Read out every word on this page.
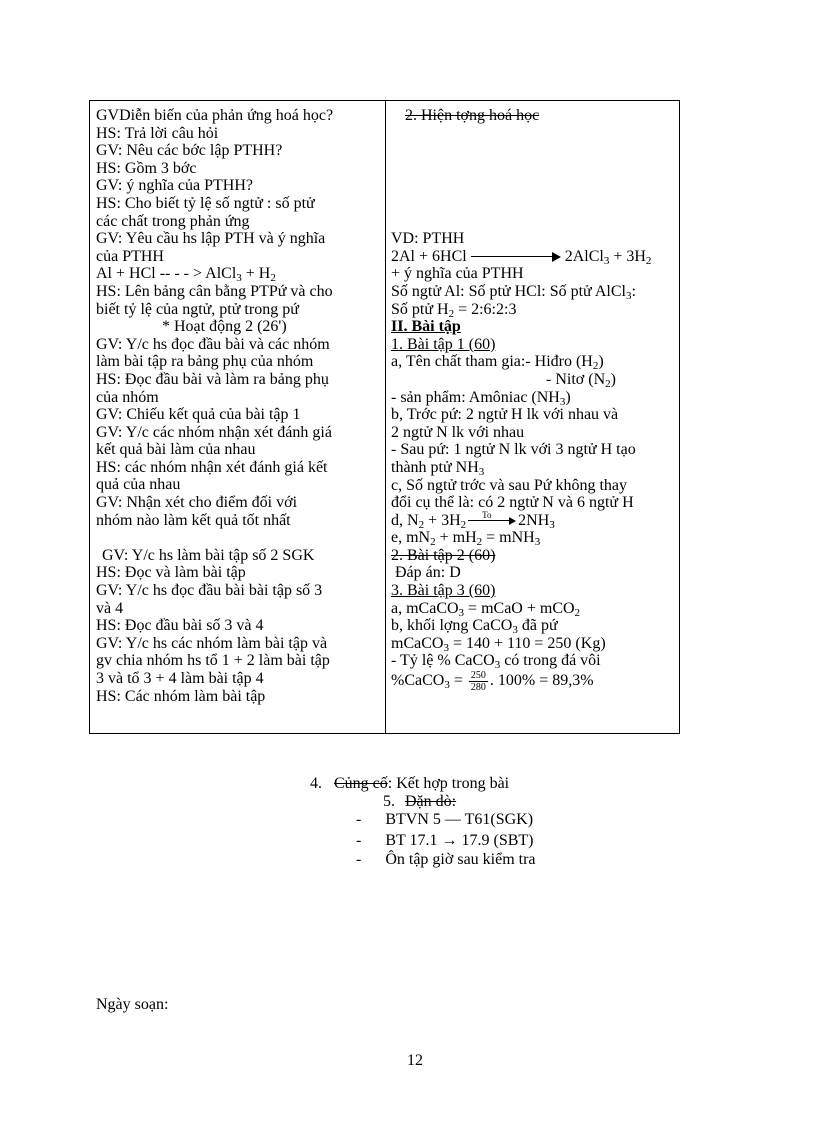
GVDiễn biến của phản ứng hoá học?
HS: Trả lời câu hỏi
GV: Nêu các bớc lập PTHH?
HS: Gồm 3 bớc
GV: ý nghĩa của PTHH?
HS: Cho biết tỷ lệ số ngtử : số ptử
các chất trong phản ứng
GV: Yêu cầu hs lập PTH và ý nghĩa
của PTHH
Al + HCl -- - - > AlCl$_3$ + $H_2$
HS: Lên bảng cân bằng PTPứ và cho
biết tỷ lệ của ngtử, ptử trong pứ
* Hoạt động 2 (26')
GV: Y/c hs đọc đầu bài và các nhóm
làm bài tập ra bảng phụ của nhóm
HS: Đọc đầu bài và làm ra bảng phụ
của nhóm
GV: Chiếu kết quả của bài tập 1
GV: Y/c các nhóm nhận xét đánh giá
kết quả bài làm của nhau
HS: các nhóm nhận xét đánh giá kết
quả của nhau
GV: Nhận xét cho điểm đối với
nhóm nào làm kết quả tốt nhất
GV: Y/c hs làm bài tập số 2 SGK
HS: Đọc và làm bài tập
GV: Y/c hs đọc đầu bài bài tập số 3
và 4
HS: Đọc đầu bài số 3 và 4
GV: Y/c hs các nhóm làm bài tập và
gv chia nhóm hs tổ 1 + 2 làm bài tập
3 và tổ 3 + 4 làm bài tập 4
HS: Các nhóm làm bài tập
2. Hiện tợng hoá học
VD: PTHH
2Al + 6HCl	2AlCl$_3$ + $3H_2$
+ ý nghĩa của PTHH
Số ngtử Al: Số ptử HCl: Số ptử AlCl$_3$:
Số ptử $H_2$ = 2:6:2:3
II. Bài tập
1. Bài tập 1 (60)
a, Tên chất tham gia:- Hiđro $(H_2)$
- Nitơ $(N_2)$
- sản phẩm: Amôniac $(NH_3)$
b, Trớc pứ: 2 ngtử H lk với nhau và
2 ngtử N lk với nhau
- Sau pứ: 1 ngtử N lk với 3 ngtử H tạo
thành ptử $NH_3$
c, Số ngtử trớc và sau Pứ không thay
đổi cụ thể là: có 2 ngtử N và 6 ngtử H
d, $N_2 + 3H_2$
To $2NH_3$
e, $mN_2 + mH_2 = mNH_3$
2. Bài tập 2 (60)
Đáp án: D
3. Bài tập 3 (60)
a, mCaCO$_3$ = mCaO + mCO$_2$
b, khối lợng CaCO$_3$ đã pứ
mCaCO$_3$ = 140 + 110 = 250 (Kg)
- Tỷ lệ % CaCO$_3$ có trong đá vôi
%CaCO$_3$ = $\frac{250}{280}$ . 100% = 89,3%
4. Củng cố: Kết hợp trong bài
5. Dặn dò:
- BTVN 5 — T61(SGK)
- BT 17.1 → 17.9 (SBT)
- Ôn tập giờ sau kiểm tra
Ngày soạn:
12
